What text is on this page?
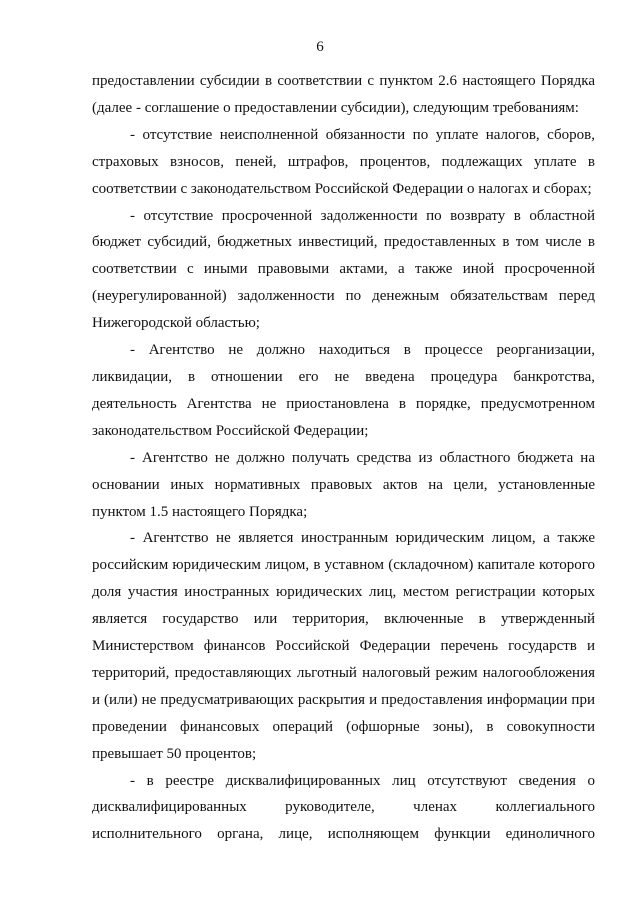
6

предоставлении субсидии в соответствии с пунктом 2.6 настоящего Порядка (далее - соглашение о предоставлении субсидии), следующим требованиям:

- отсутствие неисполненной обязанности по уплате налогов, сборов, страховых взносов, пеней, штрафов, процентов, подлежащих уплате в соответствии с законодательством Российской Федерации о налогах и сборах;

- отсутствие просроченной задолженности по возврату в областной бюджет субсидий, бюджетных инвестиций, предоставленных в том числе в соответствии с иными правовыми актами, а также иной просроченной (неурегулированной) задолженности по денежным обязательствам перед Нижегородской областью;

- Агентство не должно находиться в процессе реорганизации, ликвидации, в отношении его не введена процедура банкротства, деятельность Агентства не приостановлена в порядке, предусмотренном законодательством Российской Федерации;

- Агентство не должно получать средства из областного бюджета на основании иных нормативных правовых актов на цели, установленные пунктом 1.5 настоящего Порядка;

- Агентство не является иностранным юридическим лицом, а также российским юридическим лицом, в уставном (складочном) капитале которого доля участия иностранных юридических лиц, местом регистрации которых является государство или территория, включенные в утвержденный Министерством финансов Российской Федерации перечень государств и территорий, предоставляющих льготный налоговый режим налогообложения и (или) не предусматривающих раскрытия и предоставления информации при проведении финансовых операций (офшорные зоны), в совокупности превышает 50 процентов;

- в реестре дисквалифицированных лиц отсутствуют сведения о дисквалифицированных руководителе, членах коллегиального исполнительного органа, лице, исполняющем функции единоличного
